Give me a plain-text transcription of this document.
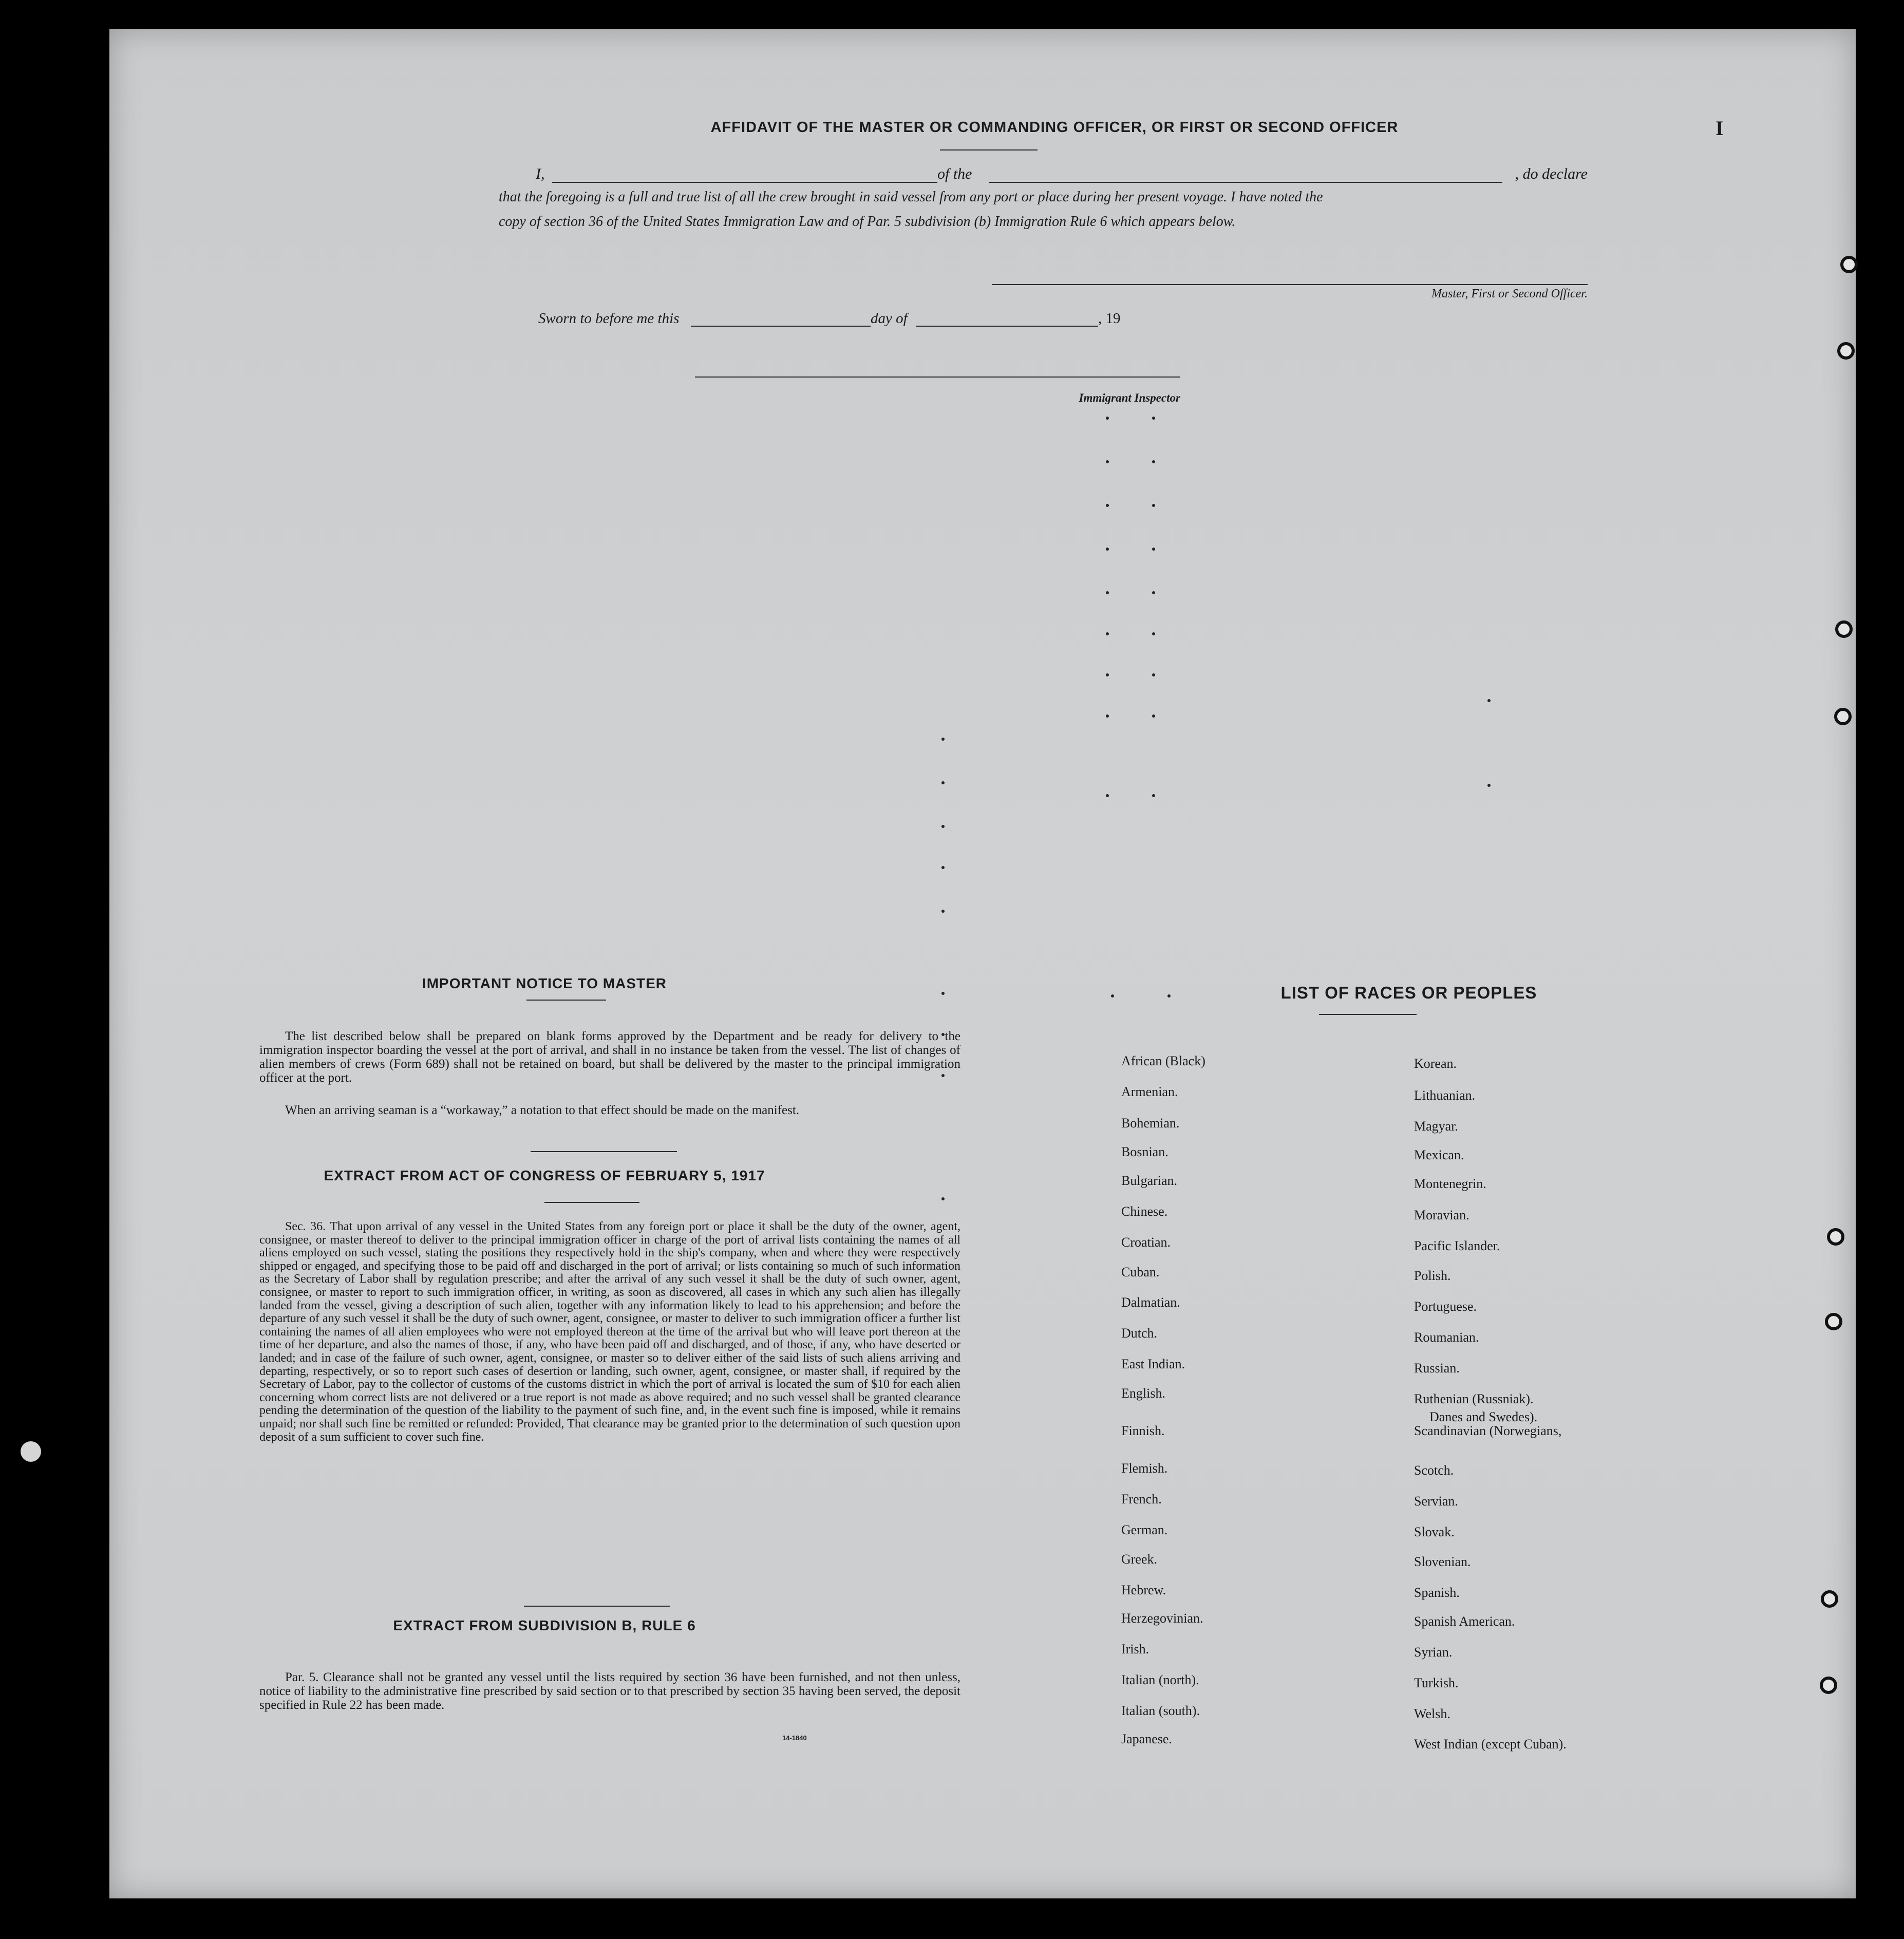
I
AFFIDAVIT OF THE MASTER OR COMMANDING OFFICER, OR FIRST OR SECOND OFFICER
I,	of the	, do declare
that the foregoing is a full and true list of all the crew brought in said vessel from any port or place during her present voyage. I have noted the
copy of section 36 of the United States Immigration Law and of Par. 5 subdivision (b) Immigration Rule 6 which appears below.
Master, First or Second Officer.
Sworn to before me this	day of	, 19
Immigrant Inspector
IMPORTANT NOTICE TO MASTER
The list described below shall be prepared on blank forms approved by the Department and be ready for delivery to the immigration inspector boarding the vessel at the port of arrival, and shall in no instance be taken from the vessel. The list of changes of alien members of crews (Form 689) shall not be retained on board, but shall be delivered by the master to the principal immigration officer at the port.
When an arriving seaman is a “workaway,” a notation to that effect should be made on the manifest.
EXTRACT FROM ACT OF CONGRESS OF FEBRUARY 5, 1917
Sec. 36. That upon arrival of any vessel in the United States from any foreign port or place it shall be the duty of the owner, agent, consignee, or master thereof to deliver to the principal immigration officer in charge of the port of arrival lists containing the names of all aliens employed on such vessel, stating the positions they respectively hold in the ship's company, when and where they were respectively shipped or engaged, and specifying those to be paid off and discharged in the port of arrival; or lists containing so much of such information as the Secretary of Labor shall by regulation prescribe; and after the arrival of any such vessel it shall be the duty of such owner, agent, consignee, or master to report to such immigration officer, in writing, as soon as discovered, all cases in which any such alien has illegally landed from the vessel, giving a description of such alien, together with any information likely to lead to his apprehension; and before the departure of any such vessel it shall be the duty of such owner, agent, consignee, or master to deliver to such immigration officer a further list containing the names of all alien employees who were not employed thereon at the time of the arrival but who will leave port thereon at the time of her departure, and also the names of those, if any, who have been paid off and discharged, and of those, if any, who have deserted or landed; and in case of the failure of such owner, agent, consignee, or master so to deliver either of the said lists of such aliens arriving and departing, respectively, or so to report such cases of desertion or landing, such owner, agent, consignee, or master shall, if required by the Secretary of Labor, pay to the collector of customs of the customs district in which the port of arrival is located the sum of $10 for each alien concerning whom correct lists are not delivered or a true report is not made as above required; and no such vessel shall be granted clearance pending the determination of the question of the liability to the payment of such fine, and, in the event such fine is imposed, while it remains unpaid; nor shall such fine be remitted or refunded: Provided, That clearance may be granted prior to the determination of such question upon deposit of a sum sufficient to cover such fine.
EXTRACT FROM SUBDIVISION B, RULE 6
Par. 5. Clearance shall not be granted any vessel until the lists required by section 36 have been furnished, and not then unless, notice of liability to the administrative fine prescribed by said section or to that prescribed by section 35 having been served, the deposit specified in Rule 22 has been made.
14-1840
LIST OF RACES OR PEOPLES
African (Black)
Armenian.
Bohemian.
Bosnian.
Bulgarian.
Chinese.
Croatian.
Cuban.
Dalmatian.
Dutch.
East Indian.
English.
Finnish.
Flemish.
French.
German.
Greek.
Hebrew.
Herzegovinian.
Irish.
Italian (north).
Italian (south).
Japanese.
Korean.
Lithuanian.
Magyar.
Mexican.
Montenegrin.
Moravian.
Pacific Islander.
Polish.
Portuguese.
Roumanian.
Russian.
Ruthenian (Russniak).
Scandinavian (Norwegians,
Scotch.
Servian.
Slovak.
Slovenian.
Spanish.
Spanish American.
Syrian.
Turkish.
Welsh.
West Indian (except Cuban).
Danes and Swedes).
